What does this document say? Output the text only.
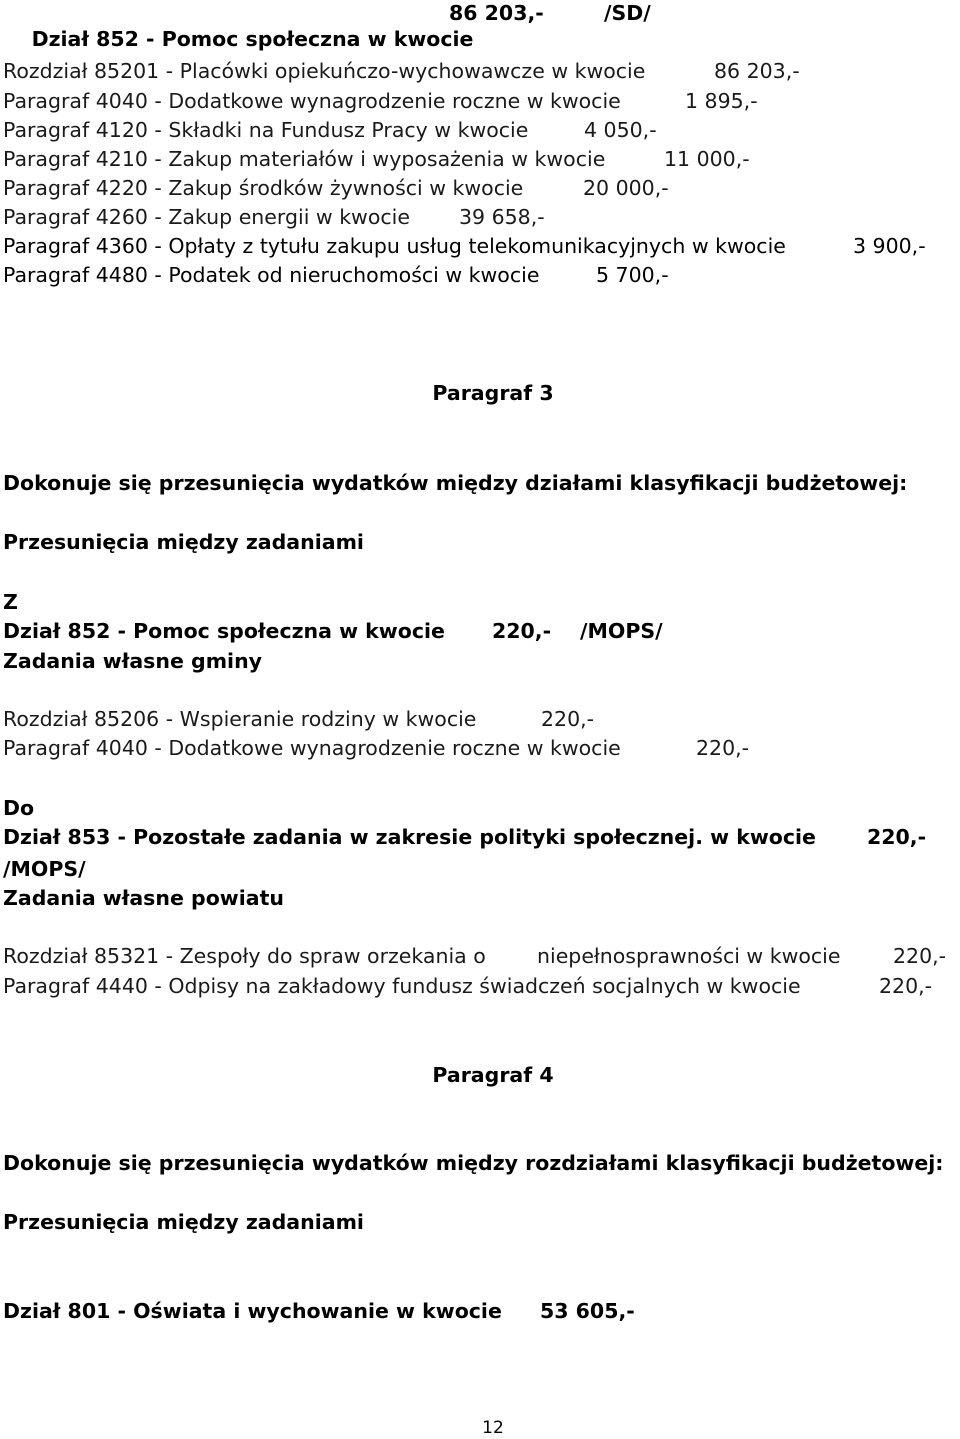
Dział 852 - Pomoc społeczna w kwocie

86 203,-	/SD/
Rozdział 85201 - Placówki opiekuńczo-wychowawcze w kwocie	86 203,-
Paragraf 4040 - Dodatkowe wynagrodzenie roczne w kwocie	1 895,-
Paragraf 4120 - Składki na Fundusz Pracy w kwocie	4 050,-
Paragraf 4210 - Zakup materiałów i wyposażenia w kwocie	11 000,-
Paragraf 4220 - Zakup środków żywności w kwocie	20 000,-
Paragraf 4260 - Zakup energii w kwocie 39 658,-
Paragraf 4360 - Opłaty z tytułu zakupu usług telekomunikacyjnych w kwocie	3 900,-
Paragraf 4480 - Podatek od nieruchomości w kwocie	5 700,-
Paragraf 3
Dokonuje się przesunięcia wydatków między działami klasyfikacji budżetowej:
Przesunięcia między zadaniami
Z
Dział 852 - Pomoc społeczna w kwocie 220,- /MOPS/
Zadania własne gminy
Rozdział 85206 - Wspieranie rodziny w kwocie	220,-
Paragraf 4040 - Dodatkowe wynagrodzenie roczne w kwocie	220,-
Do
Dział 853 - Pozostałe zadania w zakresie polityki społecznej. w kwocie 220,-
/MOPS/
Zadania własne powiatu
Rozdział 85321 - Zespoły do spraw orzekania o niepełnosprawności w kwocie	220,-
Paragraf 4440 - Odpisy na zakładowy fundusz świadczeń socjalnych w kwocie	220,-
Paragraf 4
Dokonuje się przesunięcia wydatków między rozdziałami klasyfikacji budżetowej:
Przesunięcia między zadaniami
Dział 801 - Oświata i wychowanie w kwocie 53 605,-
12
